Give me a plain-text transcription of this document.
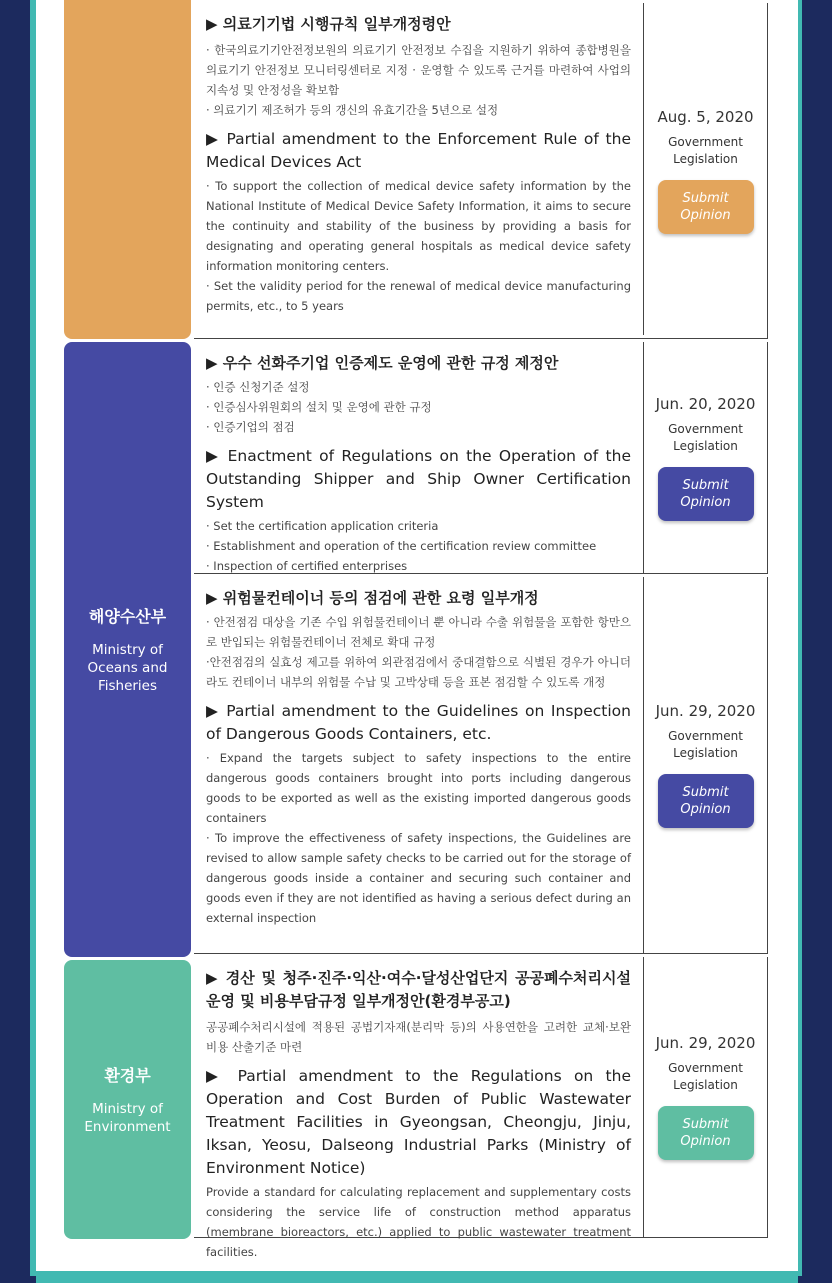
해양수산부
Ministry of Oceans and Fisheries
환경부
Ministry of Environment

▶ 의료기기법 시행규칙 일부개정령안

· 한국의료기기안전정보원의 의료기기 안전정보 수집을 지원하기 위하여 종합병원을 의료기기 안전정보 모니터링센터로 지정 · 운영할 수 있도록 근거를 마련하여 사업의 지속성 및 안정성을 확보함

· 의료기기 제조허가 등의 갱신의 유효기간을 5년으로 설정

▶ Partial amendment to the Enforcement Rule of the Medical Devices Act

· To support the collection of medical device safety information by the National Institute of Medical Device Safety Information, it aims to secure the continuity and stability of the business by providing a basis for designating and operating general hospitals as medical device safety information monitoring centers.

· Set the validity period for the renewal of medical device manufacturing permits, etc., to 5 years

Aug. 5, 2020
Government
Legislation
Submit
Opinion

▶ 우수 선화주기업 인증제도 운영에 관한 규정 제정안

· 인증 신청기준 설정

· 인증심사위원회의 설치 및 운영에 관한 규정

· 인증기업의 점검

▶ Enactment of Regulations on the Operation of the Outstanding Shipper and Ship Owner Certification System

· Set the certification application criteria

· Establishment and operation of the certification review committee

· Inspection of certified enterprises

Jun. 20, 2020
Government
Legislation
Submit
Opinion

▶ 위험물컨테이너 등의 점검에 관한 요령 일부개정

· 안전점검 대상을 기존 수입 위험물컨테이너 뿐 아니라 수출 위험물을 포함한 항만으로 반입되는 위험물컨테이너 전체로 확대 규정

·안전점검의 실효성 제고를 위하여 외관점검에서 중대결함으로 식별된 경우가 아니더라도 컨테이너 내부의 위험물 수납 및 고박상태 등을 표본 점검할 수 있도록 개정

▶ Partial amendment to the Guidelines on Inspection of Dangerous Goods Containers, etc.

· Expand the targets subject to safety inspections to the entire dangerous goods containers brought into ports including dangerous goods to be exported as well as the existing imported dangerous goods containers

· To improve the effectiveness of safety inspections, the Guidelines are revised to allow sample safety checks to be carried out for the storage of dangerous goods inside a container and securing such container and goods even if they are not identified as having a serious defect during an external inspection

Jun. 29, 2020
Government
Legislation
Submit
Opinion

▶ 경산 및 청주·진주·익산·여수·달성산업단지 공공폐수처리시설 운영 및 비용부담규정 일부개정안(환경부공고)

공공폐수처리시설에 적용된 공법기자재(분리막 등)의 사용연한을 고려한 교체·보완 비용 산출기준 마련

▶ Partial amendment to the Regulations on the Operation and Cost Burden of Public Wastewater Treatment Facilities in Gyeongsan, Cheongju, Jinju, Iksan, Yeosu, Dalseong Industrial Parks (Ministry of Environment Notice)

Provide a standard for calculating replacement and supplementary costs considering the service life of construction method apparatus (membrane bioreactors, etc.) applied to public wastewater treatment facilities.

Jun. 29, 2020
Government
Legislation
Submit
Opinion
